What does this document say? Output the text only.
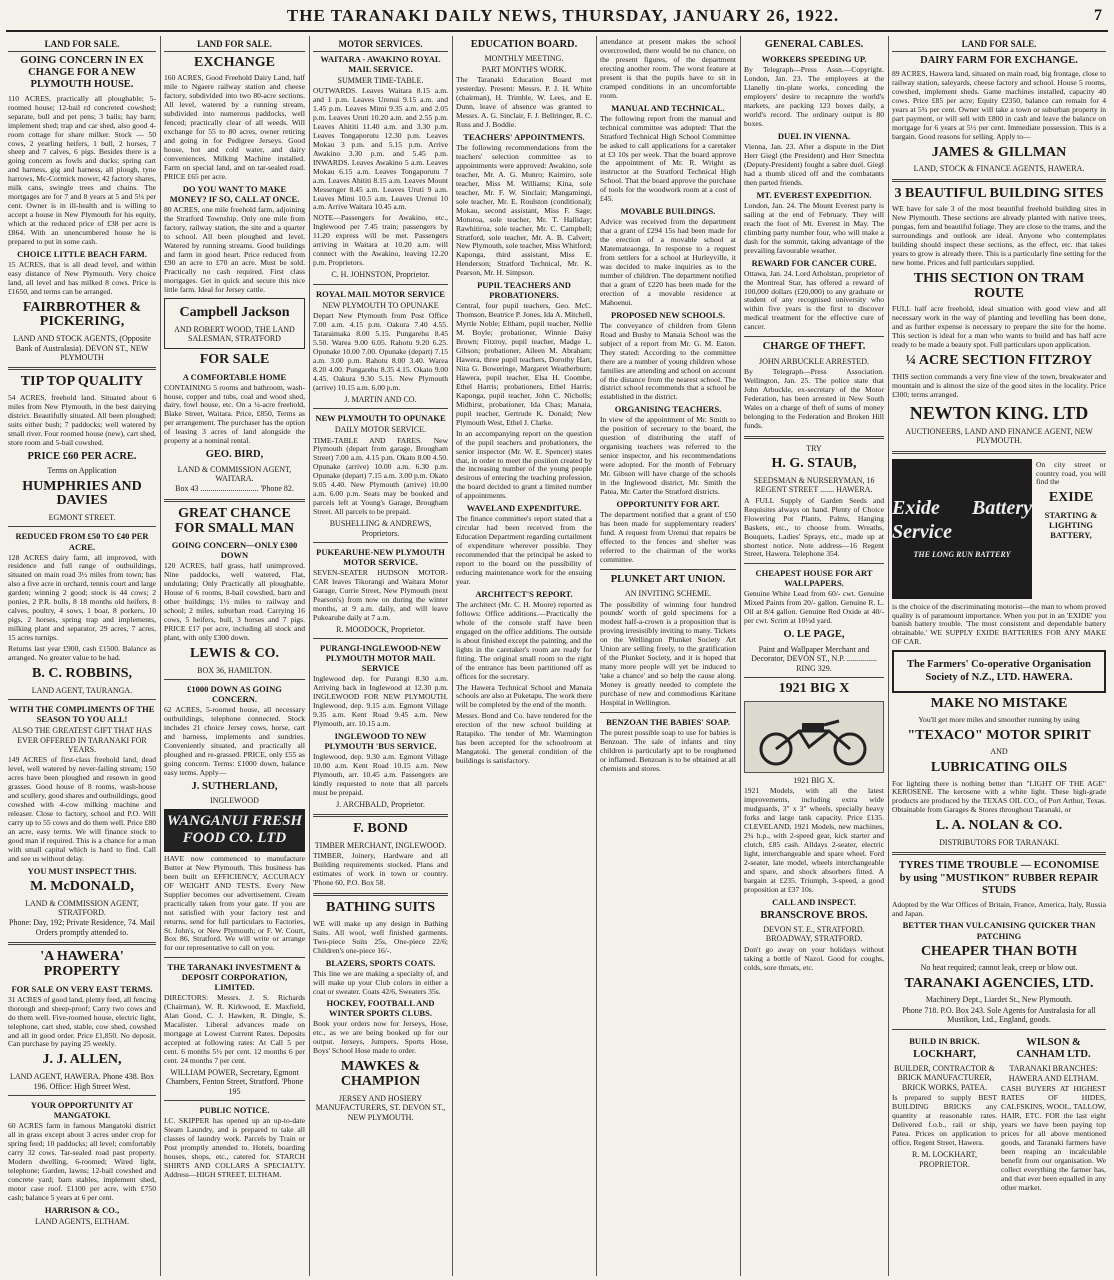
THE TARANAKI DAILY NEWS, THURSDAY, JANUARY 26, 1922.	7
LAND FOR SALE.
GOING CONCERN IN EX CHANGE FOR A NEW PLYMOUTH HOUSE.

110 ACRES, practically all ploughable; 5-roomed house; 12-bail rd concreted cowshed; separate, bull and pet pens; 3 bails; hay barn; implement shed; trap and car shed, also good 4-room cottage for share milker. Stock — 50 cows, 2 yearling heifers, 1 bull, 2 horses, 7 sheep and 7 calves, 6 pigs. Besides there is a going concern as fowls and ducks; spring cart and harness, gig and harness, all plough, tyne harrows, Mc-Cormick mower, 42 factory shares, milk cans, swingle trees and chains. The mortgages are for 7 and 8 years at 5 and 5¼ per cent. Owner is in ill-health and is willing to accept a house in New Plymouth for his equity, which at the reduced price of £38 per acre is £864. With an unencumbered house he is prepared to put in some cash.

CHOICE LITTLE BEACH FARM.

15 ACRES, that is all dead level, and within easy distance of New Plymouth. Very choice land, all level and has milked 8 cows. Price is £1650, and terms can be arranged.

FAIRBROTHER & PICKERING,
LAND AND STOCK AGENTS, (Opposite Bank of Australasia). DEVON ST., NEW PLYMOUTH
TIP TOP QUALITY

54 ACRES, freehold land. Situated about 6 miles from New Plymouth, in the best dairying district. Beautifully situated. All been ploughed; suits either bush; 7 paddocks; well watered by small river. Four roomed house (new), cart shed, store room and 5-bail cowshed.

PRICE £60 PER ACRE.
Terms on Application
HUMPHRIES AND DAVIES
EGMONT STREET.
REDUCED FROM £50 TO £40 PER ACRE.

128 ACRES dairy farm, all improved, with residence and full range of outbuildings, situated on main road 3½ miles from town; has also a five acre in orchard, tennis court and large garden; winning 2 good; stock is 44 cows; 2 ponies, 2 P.R. bulls, 8 18 months old heifers, 8 calves, poultry, 4 sows, 1 boar, 8 porkers, 10 pigs, 2 horses, spring trap and implements, milking plant and separator, 29 acres, 7 acres, 15 acres turnips.

Returns last year £900, cash £1500. Balance as arranged. No greater value to be had.

B. C. ROBBINS,
LAND AGENT, TAURANGA.
WITH THE COMPLIMENTS OF THE SEASON TO YOU ALL!
ALSO THE GREATEST GIFT THAT HAS EVER OFFERED IN TARANAKI FOR YEARS.

149 ACRES of first-class freehold land, dead level, well watered by never-failing stream; 150 acres have been ploughed and resown in good grasses. Good house of 8 rooms, wash-house and scullery, good shares and outbuildings, good cowshed with 4-cow milking machine and releaser. Close to factory, school and P.O. Will carry up to 55 cows and do them well. Price £80 an acre, easy terms. We will finance stock to good man if required. This is a chance for a man with small capital which is hard to find. Call and see us without delay.

YOU MUST INSPECT THIS.
M. McDONALD,
LAND & COMMISSION AGENT, STRATFORD.
Phone: Day, 192; Private Residence, 74. Mail Orders promptly attended to.
'A HAWERA' PROPERTY
FOR SALE ON VERY EAST TERMS.

31 ACRES of good land, plenty feed, all fencing thorough and sheep-proof; Carry two cows and do them well. Five-roomed house, electric light, telephone, cart shed, stable, cow shed, cowshed and all in good order. Price £1,850. No deposit. Can purchase by paying 25 weekly.

J. J. ALLEN,
LAND AGENT, HAWERA. Phone 438. Box 196. Office: High Street West.
YOUR OPPORTUNITY AT MANGATOKI.

60 ACRES farm in famous Mangatoki district all in grass except about 3 acres under crop for spring feed; 10 paddocks; all level; comfortably carry 32 cows. Tar-sealed road past property. Modern dwelling, 6-roomed; Wired light, telephone; Garden, lawns; 12-bail cowshed and concrete yard; barn stables, implement shed, motor case roof. £1100 per acre, with £750 cash; balance 5 years at 6 per cent.

HARRISON & CO.,
LAND AGENTS, ELTHAM.
LAND FOR SALE.
EXCHANGE

160 ACRES, Good Freehold Dairy Land, half mile to Ngaere railway station and cheese factory, subdivided into two 80-acre sections. All level, watered by a running stream, subdivided into numerous paddocks, well fenced; practically clear of all weeds. Will exchange for 55 to 80 acres, owner retiring and going in for Pedigree Jerseys. Good house, hot and cold water, and dairy conveniences. Milking Machine installed. Farm on special land, and on tar-sealed road. PRICE £65 per acre.

DO YOU WANT TO MAKE MONEY? IF SO, CALL AT ONCE.

80 ACRES, one mile freehold farm, adjoining the Stratford Township. Only one mile from factory, railway station, the site and a quarter to school. All been ploughed and level. Watered by running streams. Good buildings and farm in good heart. Price reduced from £90 an acre to £70 an acre. Must be sold. Practically no cash required. First class mortgages. Get in quick and secure this nice little farm. Ideal for Jersey cattle.

Campbell Jackson
AND ROBERT WOOD, THE LAND SALESMAN, STRATFORD
FOR SALE
A COMFORTABLE HOME

CONTAINING 5 rooms and bathroom, wash-house, copper and tubs, coal and wood shed, dairy, fowl house, etc. On a ¼-acre freehold, Blake Street, Waitara. Price, £850, Terms as per arrangement. The purchaser has the option of leasing 3 acres of land alongside the property at a nominal rental.

GEO. BIRD,
LAND & COMMISSION AGENT, WAITARA.
Box 43 ............................. 'Phone 82.
GREAT CHANCE FOR SMALL MAN
GOING CONCERN—ONLY £300 DOWN

120 ACRES, half grass, half unimproved. Nine paddocks, well watered, Flat, undulating; Only Practically all ploughable. House of 6 rooms, 8-bail cowshed, barn and other buildings; 1½ miles to railway and school; 2 miles, suburban road. Carrying 16 cows, 5 heifers, bull, 3 horses and 7 pigs. PRICE £17 per acre, including all stock and plant, with only £300 down.

LEWIS & CO.
BOX 36, HAMILTON.
£1000 DOWN AS GOING CONCERN.

62 ACRES, 5-roomed house, all necessary outbuildings, telephone connected. Stock includes 21 choice Jersey cows, horse, cart and harness, implements and sundries. Conveniently situated, and practically all ploughed and re-grassed. PRICE, only £55 as going concern. Terms: £1000 down, balance easy terms. Apply—

J. SUTHERLAND,
INGLEWOOD
WANGANUI FRESH FOOD CO. LTD

HAVE now commenced to manufacture Butter at New Plymouth. This business has been built on EFFICIENCY, ACCURACY OF WEIGHT AND TESTS. Every New Supplier becomes our advertisement. Cream practically taken from your gate. If you are not satisfied with your factory test and returns, send for full particulars to Factories, St. John's, or New Plymouth; or F. W. Court, Box 86, Stratford. We will write or arrange for our representative to call on you.

THE TARANAKI INVESTMENT & DEPOSIT CORPORATION, LIMITED.

DIRECTORS: Messrs. J. S. Richards (Chairman), W. R. Kirkwood, E. Maxfield, Alan Good, C. J. Hawken, R. Dingle, S. Macalister. Liberal advances made on mortgage at Lowest Current Rates. Deposits accepted at following rates: At Call 5 per cent. 6 months 5½ per cent. 12 months 6 per cent. 24 months 7 per cent.

WILLIAM POWER, Secretary, Egmont Chambers, Fenton Street, Stratford. 'Phone 195
PUBLIC NOTICE.

I.C. SKIPPER has opened up an up-to-date Steam Laundry, and is prepared to take all classes of laundry work. Parcels by Train or Post promptly attended to. Hotels, boarding houses, shops, etc., catered for. STARCH SHIRTS AND COLLARS A SPECIALTY. Address—HIGH STREET, ELTHAM.

MOTOR SERVICES.
WAITARA - AWAKINO ROYAL MAIL SERVICE.
SUMMER TIME-TABLE.

OUTWARDS. Leaves Waitara 8.15 a.m. and 1 p.m. Leaves Urenui 9.15 a.m. and 1.45 p.m. Leaves Mimi 9.35 a.m. and 2.05 p.m. Leaves Uruti 10.20 a.m. and 2.55 p.m. Leaves Ahititi 11.40 a.m. and 3.30 p.m. Leaves Tongaporutu 12.30 p.m. Leaves Mokau 3 p.m. and 5.15 p.m. Arrive Awakino 3.30 p.m. and 5.45 p.m. INWARDS. Leaves Awakino 5 a.m. Leaves Mokau 6.15 a.m. Leaves Tongaporutu 7 a.m. Leaves Ahititi 8.15 a.m. Leaves Mount Messenger 8.45 a.m. Leaves Uruti 9 a.m. Leaves Mimi 10.5 a.m. Leaves Urenui 10 a.m. Arrive Waitara 10.45 a.m.

NOTE—Passengers for Awakino, etc., Inglewood per 7.45 train; passengers by 11.20 express will be met. Passengers arriving in Waitara at 10.20 a.m. will connect with the Awakino, leaving 12.20 p.m. Proprietors.

C. H. JOHNSTON, Proprietor.
ROYAL MAIL MOTOR SERVICE
NEW PLYMOUTH TO OPUNAKE

Depart New Plymouth from Post Office 7.00 a.m. 4.15 p.m. Oakura 7.40 4.55. Tataraimaka 8.00 5.15. Pungarehu 8.45 5.50. Warea 9.00 6.05. Rahotu 9.20 6.25. Opunake 10.00 7.00. Opunake (depart) 7.15 a.m. 3.00 p.m. Rahotu 8.00 3.40. Warea 8.20 4.00. Pungarehu 8.35 4.15. Okato 9.00 4.45. Oakura 9.30 5.15. New Plymouth (arrive) 10.15 a.m. 6.00 p.m.

J. MARTIN AND CO.
NEW PLYMOUTH TO OPUNAKE
DAILY MOTOR SERVICE.

TIME-TABLE AND FARES. New Plymouth (depart from garage, Brougham Street) 7.00 a.m. 4.15 p.m. Okato 8.00 4.50. Opunake (arrive) 10.00 a.m. 6.30 p.m. Opunake (depart) 7.15 a.m. 3.00 p.m. Okato 9.05 4.40. New Plymouth (arrive) 10.00 a.m. 6.00 p.m. Seats may be booked and parcels left at Young's Garage, Brougham Street. All parcels to be prepaid.

BUSHELLING & ANDREWS, Proprietors.
PUKEARUHE-NEW PLYMOUTH MOTOR SERVICE.

SEVEN-SEATER HUDSON MOTOR-CAR leaves Tikorangi and Waitara Motor Garage, Currie Street, New Plymouth (next Pearson's) from now on during the winter months, at 9 a.m. daily, and will leave Pukearuhe daily at 7 a.m.

R. MOODOCK, Proprietor.
PURANGI-INGLEWOOD-NEW PLYMOUTH MOTOR MAIL SERVICE

Inglewood dep. for Purangi 8.30 a.m. Arriving back in Inglewood at 12.30 p.m. INGLEWOOD FOR NEW PLYMOUTH. Inglewood, dep. 9.15 a.m. Egmont Village 9.35 a.m. Kent Road 9.45 a.m. New Plymouth, arr. 10.15 a.m.

INGLEWOOD TO NEW PLYMOUTH 'BUS SERVICE.

Inglewood, dep. 9.30 a.m. Egmont Village 10.00 a.m. Kent Road 10.15 a.m. New Plymouth, arr. 10.45 a.m. Passengers are kindly requested to note that all parcels must be prepaid.

J. ARCHBALD, Proprietor.
F. BOND
TIMBER MERCHANT, INGLEWOOD.

TIMBER, Joinery, Hardware and all Building requirements stocked. Plans and estimates of work in town or country. 'Phone 60, P.O. Box 58.

BATHING SUITS

WE will make up any design in Bathing Suits. All wool, well finished garments. Two-piece Suits 25s, One-piece 22/6; Children's one-piece 16/-.

BLAZERS, SPORTS COATS.

This line we are making a specialty of, and will make up your Club colors in either a coat or sweater. Coats 42/6, Sweaters 35s.

HOCKEY, FOOTBALL AND WINTER SPORTS CLUBS.

Book your orders now for Jerseys, Hose, etc., as we are being booked up for our output. Jerseys, Jumpers, Sports Hose, Boys' School Hose made to order.

MAWKES & CHAMPION
JERSEY AND HOSIERY MANUFACTURERS, ST. DEVON ST., NEW PLYMOUTH.
EDUCATION BOARD.
MONTHLY MEETING.
PART MONTH'S WORK.

The Taranaki Education Board met yesterday. Present: Messrs. P. J. H. White (chairman), H. Trimble, W. Lees, and E. Dunn, leave of absence was granted to Messrs. A. G. Sinclair, F. J. Bellringer, R. C. Russ and J. Boddie.

TEACHERS' APPOINTMENTS.

The following recommendations from the teachers' selection committee as to appointments were approved: Awakino, sole teacher, Mr. A. G. Munro; Kaimiro, sole teacher, Miss M. Williams; Kina, sole teacher, Mr. F. W. Sinclair; Mangamingi, sole teacher, Mr. E. Roulston (conditional); Mokau, second assistant, Miss F. Sage; Moturoa, sole teacher, Mr. T. Halliday; Rawhitiroa, sole teacher, Mr. C. Campbell; Stratford, sole teacher, Mr. A. B. Calvert; New Plymouth, sole teacher, Miss Whitford; Kaponga, third assistant, Miss E. Henderson; Stratford Technical, Mr. K. Pearson, Mr. H. Simpson.

PUPIL TEACHERS AND PROBATIONERS.

Central, four pupil teachers, Geo. McC. Thomson, Beatrice P. Jones, Ida A. Mitchell, Myrtle Noble; Eltham, pupil teacher, Nellie M. Boyle; probationer, Winnie Daisy Brown; Fitzroy, pupil teacher, Madge L. Gibson; probationer, Aileen M. Abraham; Hawera, three pupil teachers, Dorothy Hart, Nita G. Boweringe, Margaret Weatherburn; Hawera, pupil teacher, Elsa H. Coombe, Ethel Harris; probationers, Ethel Harris; Kaponga, pupil teacher, John C. Nicholls; Midhirst, probationer, Ida Chas; Manaia, pupil teacher, Gertrude K. Donald; New Plymouth West, Ethel J. Clarke.

In an accompanying report on the question of the pupil teachers and probationers, the senior inspector (Mr. W. E. Spencer) states that, in order to meet the position created by the increasing number of the young people desirous of entering the teaching profession, the board decided to grant a limited number of appointments.

WAVELAND EXPENDITURE.

The finance committee's report stated that a circular had been received from the Education Department regarding curtailment of expenditure wherever possible. They recommended that the principal be asked to report to the board on the possibility of reducing maintenance work for the ensuing year.

ARCHITECT'S REPORT.

The architect (Mr. C. H. Moore) reported as follows: Office additions.—Practically the whole of the console staff have been engaged on the office additions. The outside is about finished except the painting, and the lights in the caretaker's room are ready for fitting. The original small room to the right of the entrance has been partitioned off as offices for the secretary.

The Hawera Technical School and Manaia schools are also at Puketapu. The work there will be completed by the end of the month.

Messrs. Bond and Co. have tendered for the erection of the new school building at Ratapiko. The tender of Mr. Warmington has been accepted for the schoolroom at Mangatoki. The general condition of the buildings is satisfactory.

attendance at present makes the school overcrowded, there would be no chance, on the present figures, of the department erecting another room. The worst feature at present is that the pupils have to sit in cramped conditions in an uncomfortable room.

MANUAL AND TECHNICAL.

The following report from the manual and technical committee was adopted: That the Stratford Technical High School Committee be asked to call applications for a caretaker at £3 10s per week. That the board approve the appointment of Mr. R. Wright as instructor at the Stratford Technical High School. That the board approve the purchase of tools for the woodwork room at a cost of £45.

MOVABLE BUILDINGS.

Advice was received from the department that a grant of £294 15s had been made for the erection of a movable school at Matemateaonga. In response to a request from settlers for a school at Hurleyville, it was decided to make inquiries as to the number of children. The department notified that a grant of £220 has been made for the erection of a movable residence at Mahoenui.

PROPOSED NEW SCHOOLS.

The conveyance of children from Glenn Road and Bushy to Manaia School was the subject of a report from Mr. G. M. Eaton. They stated: According to the committee there are a number of young children whose families are attending and school on account of the distance from the nearest school. The district school recommends that a school be established in the district.

ORGANISING TEACHERS.

In view of the appointment of Mr. Smith to the position of secretary to the board, the question of distributing the staff of organising teachers was referred to the senior inspector, and his recommendations were adopted. For the month of February Mr. Gibson will have charge of the schools in the Inglewood district, Mr. Smith the Patea, Mr. Carter the Stratford districts.

OPPORTUNITY FOR ART.

The department notified that a grant of £50 has been made for supplementary readers' fund. A request from Urenui that repairs be effected to the fences and shelter was referred to the chairman of the works committee.

PLUNKET ART UNION.
AN INVITING SCHEME.

The possibility of winning four hundred pounds' worth of gold specimens for a modest half-a-crown is a proposition that is proving irresistibly inviting to many. Tickets on the Wellington Plunket Society Art Union are selling freely, to the gratification of the Plunket Society, and it is hoped that many more people will yet be induced to 'take a chance' and so help the cause along. Money is greatly needed to complete the purchase of new and commodious Karitane Hospital in Wellington.

BENZOAN THE BABIES' SOAP.

The purest possible soap to use for babies is Benzoan. The sale of infants and tiny children is particularly apt to be roughened or inflamed. Benzoan is to be obtained at all chemists and stores.

GENERAL CABLES.
WORKERS SPEEDING UP.

By Telegraph—Press Assn.—Copyright. London, Jan. 23. The employees at the Llanelly tin-plate works, conceding the employers' desire to recapture the world's markets, are packing 123 boxes daily, a world's record. The ordinary output is 80 boxes.

DUEL IN VIENNA.

Vienna, Jan. 23. After a dispute in the Diet Herr Giegl (the President) and Herr Smechta (Deputy-President) fought a sabre duel. Giegl had a thumb sliced off and the combatants then parted friends.

MT. EVEREST EXPEDITION.

London, Jan. 24. The Mount Everest party is sailing at the end of February. They will reach the foot of Mt. Everest in May. The climbing party number four, who will make a dash for the summit, taking advantage of the prevailing favourable weather.

REWARD FOR CANCER CURE.

Ottawa, Jan. 24. Lord Atholstan, proprietor of the Montreal Star, has offered a reward of 100,000 dollars (£20,000) to any graduate or student of any recognised university who within five years is the first to discover medical treatment for the effective cure of cancer.

CHARGE OF THEFT.
JOHN ARBUCKLE ARRESTED.

By Telegraph—Press Association. Wellington, Jan. 25. The police state that John Arbuckle, ex-secretary of the Motor Federation, has been arrested in New South Wales on a charge of theft of sums of money belonging to the Federation and Broken Hill funds.

TRY
H. G. STAUB,
SEEDSMAN & NURSERYMAN, 16 REGENT STREET ....... HAWERA.

A FULL Supply of Garden Seeds and Requisites always on hand. Plenty of Choice Flowering Pot Plants, Palms, Hanging Baskets, etc., to choose from. Wreaths, Bouquets, Ladies' Sprays, etc., made up at shortest notice. Note address—16 Regent Street, Hawera. Telephone 354.

CHEAPEST HOUSE FOR ART WALLPAPERS.

Genuine White Lead from 60/- cwt. Genuine Mixed Paints from 20/- gallon. Genuine R. L. Oil at 8/4 gallon. Genuine Red Oxide at 40/- per cwt. Scrim at 10½d yard.

O. LE PAGE,
Paint and Wallpaper Merchant and Decorator, DEVON ST., N.P. ............... RING 329.
1921 BIG X
1921 BIG X.

1921 Models, with all the latest improvements, including extra wide mudguards, 3" x 3" wheels, specially heavy forks and large tank capacity. Price £135. CLEVELAND, 1921 Models, new machines, 2¾ h.p., with 2-speed gear, kick starter and clutch, £85 cash. Alldays 2-seater, electric light, interchangeable and spare wheel. Ford 2-seater, late model, wheels interchangeable and spare, and shock absorbers fitted. A bargain at £235. Triumph, 3-speed, a good proposition at £37 10s.

CALL AND INSPECT.
BRANSCROVE BROS.
DEVON ST. E., STRATFORD. BROADWAY, STRATFORD.

Don't go away on your holidays without taking a bottle of Nazol. Good for coughs, colds, sore throats, etc.

LAND FOR SALE.
DAIRY FARM FOR EXCHANGE.

89 ACRES, Hawera land, situated on main road, big frontage, close to railway station, saleyards, cheese factory and school. House 5 rooms, cowshed, implement sheds. Game machines installed, capacity 40 cows. Price £85 per acre; Equity £2350, balance can remain for 4 years at 5¾ per cent. Owner will take a town or suburban property in part payment, or will sell with £800 in cash and leave the balance on mortgage for 6 years at 5½ per cent. Immediate possession. This is a bargain. Good reasons for selling. Apply to—

JAMES & GILLMAN
LAND, STOCK & FINANCE AGENTS, HAWERA.
3 BEAUTIFUL BUILDING SITES

WE have for sale 3 of the most beautiful freehold building sites in New Plymouth. These sections are already planted with native trees, pungas, fern and beautiful foliage. They are close to the trams, and the surroundings and outlook are ideal. Anyone who contemplates building should inspect these sections, as the effect, etc. that takes years to grow is already there. This is a particularly fine setting for the new home. Prices and full particulars supplied.

THIS SECTION ON TRAM ROUTE

FULL half acre freehold, ideal situation with good view and all necessary work in the way of planting and levelling has been done, and as further expense is necessary to prepare the site for the home. This section is ideal for a man who wants to build and has half acre ready to be made a beauty spot. Full particulars upon application.

¼ ACRE SECTION FITZROY

THIS section commands a very fine view of the town, breakwater and mountain and is almost the size of the good sites in the locality. Price £300; terms arranged.

NEWTON KING. LTD
AUCTIONEERS, LAND AND FINANCE AGENT, NEW PLYMOUTH.
Exide Battery Service
THE LONG RUN BATTERY

On city street or country road, you will find the

EXIDE
STARTING & LIGHTING BATTERY,

is the choice of the discriminating motorist—the man to whom proved quality is of paramount importance. When you put in an 'EXIDE' you banish battery trouble. 'The most consistent and dependable battery obtainable.' WE SUPPLY EXIDE BATTERIES FOR ANY MAKE OF CAR.

The Farmers' Co-operative Organisation Society of N.Z., LTD. HAWERA.
MAKE NO MISTAKE

You'll get more miles and smoother running by using

"TEXACO" MOTOR SPIRIT
AND
LUBRICATING OILS

For lighting there is nothing better than "LIGHT OF THE AGE" KEROSENE. The kerosene with a white light. These high-grade products are produced by the TEXAS OIL CO., of Port Arthur, Texas. Obtainable from Garages & Stores throughout Taranaki, or

L. A. NOLAN & CO.
DISTRIBUTORS FOR TARANAKI.
TYRES TIME TROUBLE — ECONOMISE by using "MUSTIKON" RUBBER REPAIR STUDS

Adopted by the War Offices of Britain, France, America, Italy, Russia and Japan.

BETTER THAN VULCANISING QUICKER THAN PATCHING
CHEAPER THAN BOTH
No heat required; cannot leak, creep or blow out.
TARANAKI AGENCIES, LTD.
Machinery Dept., Liardet St., New Plymouth.
Phone 718. P.O. Box 243. Sole Agents for Australasia for all Mustikon, Ltd., England, goods.
BUILD IN BRICK.
LOCKHART,
BUILDER, CONTRACTOR & BRICK MANUFACTURER, BRICK WORKS, PATEA.

Is prepared to supply BEST BUILDING BRICKS any quantity at reasonable rates. Delivered f.o.b., rail or ship, Patea. Prices on application to office, Regent Street, Hawera.

R. M. LOCKHART, PROPRIETOR.
WILSON & CANHAM LTD.
TARANAKI BRANCHES: HAWERA AND ELTHAM.

CASH BUYERS AT HIGHEST RATES OF HIDES, CALFSKINS, WOOL, TALLOW, HAIR, ETC. FOR the last eight years we have been paying top prices for all above mentioned goods, and Taranaki farmers have been reaping an incalculable benefit from our organisation. We collect everything the farmer has, and that ever been equalled in any other market.
